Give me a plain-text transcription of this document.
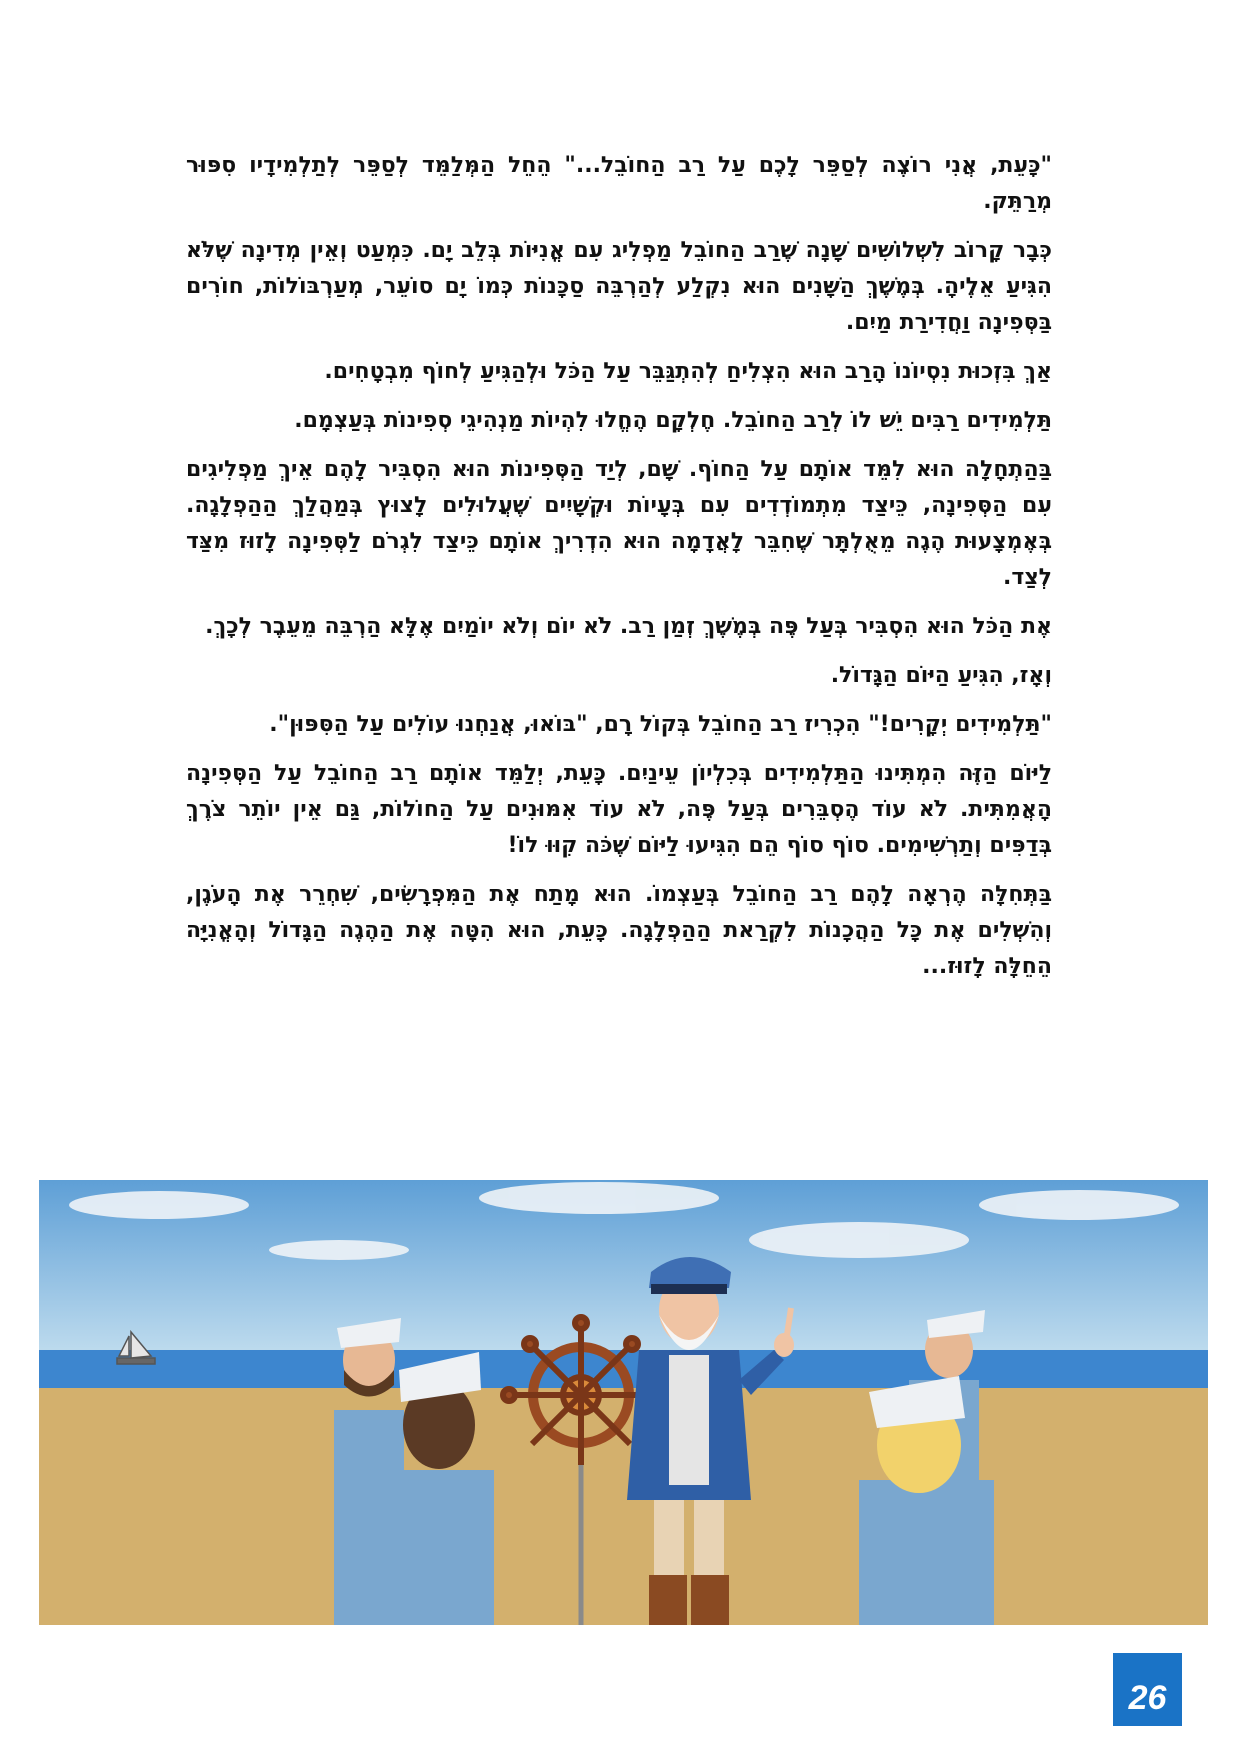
"כָּעֵת, אֲנִי רוֹצֶה לְסַפֵּר לָכֶם עַל רַב הַחוֹבֵל..." הֵחֵל הַמְּלַמֵּד לְסַפֵּר לְתַלְמִידָיו סִפּוּר מְרַתֵּק.

כְּבָר קָרוֹב לִשְׁלוֹשִׁים שָׁנָה שֶׁרַב הַחוֹבֵל מַפְלִיג עִם אֳנִיּוֹת בְּלֵב יָם. כִּמְעַט וְאֵין מְדִינָה שֶׁלֹּא הִגִּיעַ אֵלֶיהָ. בְּמֶשֶׁךְ הַשָּׁנִים הוּא נִקְלַע לְהַרְבֵּה סַכָּנוֹת כְּמוֹ יָם סוֹעֵר, מְעַרְבּוֹלוֹת, חוֹרִים בַּסְּפִינָה וַחֲדִירַת מַיִם.

אַךְ בִּזְכוּת נִסְיוֹנוֹ הָרַב הוּא הִצְלִיחַ לְהִתְגַּבֵּר עַל הַכֹּל וּלְהַגִּיעַ לְחוֹף מִבְטָחִים.

תַּלְמִידִים רַבִּים יֵשׁ לוֹ לְרַב הַחוֹבֵל. חֶלְקָם הֶחֱלוּ לִהְיוֹת מַנְהִיגֵי סְפִינוֹת בְּעַצְמָם.

בַּהַתְחָלָה הוּא לִמֵּד אוֹתָם עַל הַחוֹף. שָׁם, לְיַד הַסְּפִינוֹת הוּא הִסְבִּיר לָהֶם אֵיךְ מַפְלִיגִים עִם הַסְּפִינָה, כֵּיצַד מִתְמוֹדְדִים עִם בְּעָיוֹת וּקְשָׁיִים שֶׁעֲלוּלִים לָצוּץ בְּמַהֲלַךְ הַהַפְלָגָה. בְּאֶמְצָעוּת הֶגֶה מֵאֻלְתָּר שֶׁחִבֵּר לָאֲדָמָה הוּא הִדְרִיךְ אוֹתָם כֵּיצַד לִגְרֹם לַסְּפִינָה לָזוּז מִצַּד לְצַד.

אֶת הַכֹּל הוּא הִסְבִּיר בְּעַל פֶּה בְּמֶשֶׁךְ זְמַן רַב. לֹא יוֹם וְלֹא יוֹמַיִם אֶלָּא הַרְבֵּה מֵעֵבֶר לְכָךְ.

וְאָז, הִגִּיעַ הַיּוֹם הַגָּדוֹל.

"תַּלְמִידִים יְקָרִים!" הִכְרִיז רַב הַחוֹבֵל בְּקוֹל רָם, "בּוֹאוּ, אֲנַחְנוּ עוֹלִים עַל הַסִּפּוּן".

לַיּוֹם הַזֶּה הִמְתִּינוּ הַתַּלְמִידִים בְּכִלְיוֹן עֵינַיִם. כָּעֵת, יְלַמֵּד אוֹתָם רַב הַחוֹבֵל עַל הַסְּפִינָה הָאֲמִתִּית. לֹא עוֹד הֶסְבֵּרִים בְּעַל פֶּה, לֹא עוֹד אִמּוּנִים עַל הַחוֹלוֹת, גַּם אֵין יוֹתֵר צֹרֶךְ בְּדַפִּים וְתַרְשִׁימִים. סוֹף סוֹף הֵם הִגִּיעוּ לַיּוֹם שֶׁכֹּה קִוּוּ לוֹ!

בַּתְּחִלָּה הֶרְאָה לָהֶם רַב הַחוֹבֵל בְּעַצְמוֹ. הוּא מָתַח אֶת הַמִּפְרָשִׂים, שִׁחְרֵר אֶת הָעֹגֶן, וְהִשְׁלִים אֶת כָּל הַהֲכָנוֹת לִקְרַאת הַהַפְלָגָה. כָּעֵת, הוּא הִטָּה אֶת הַהֶגֶה הַגָּדוֹל וְהָאֳנִיָּה הֵחֵלָּה לָזוּז...

26
